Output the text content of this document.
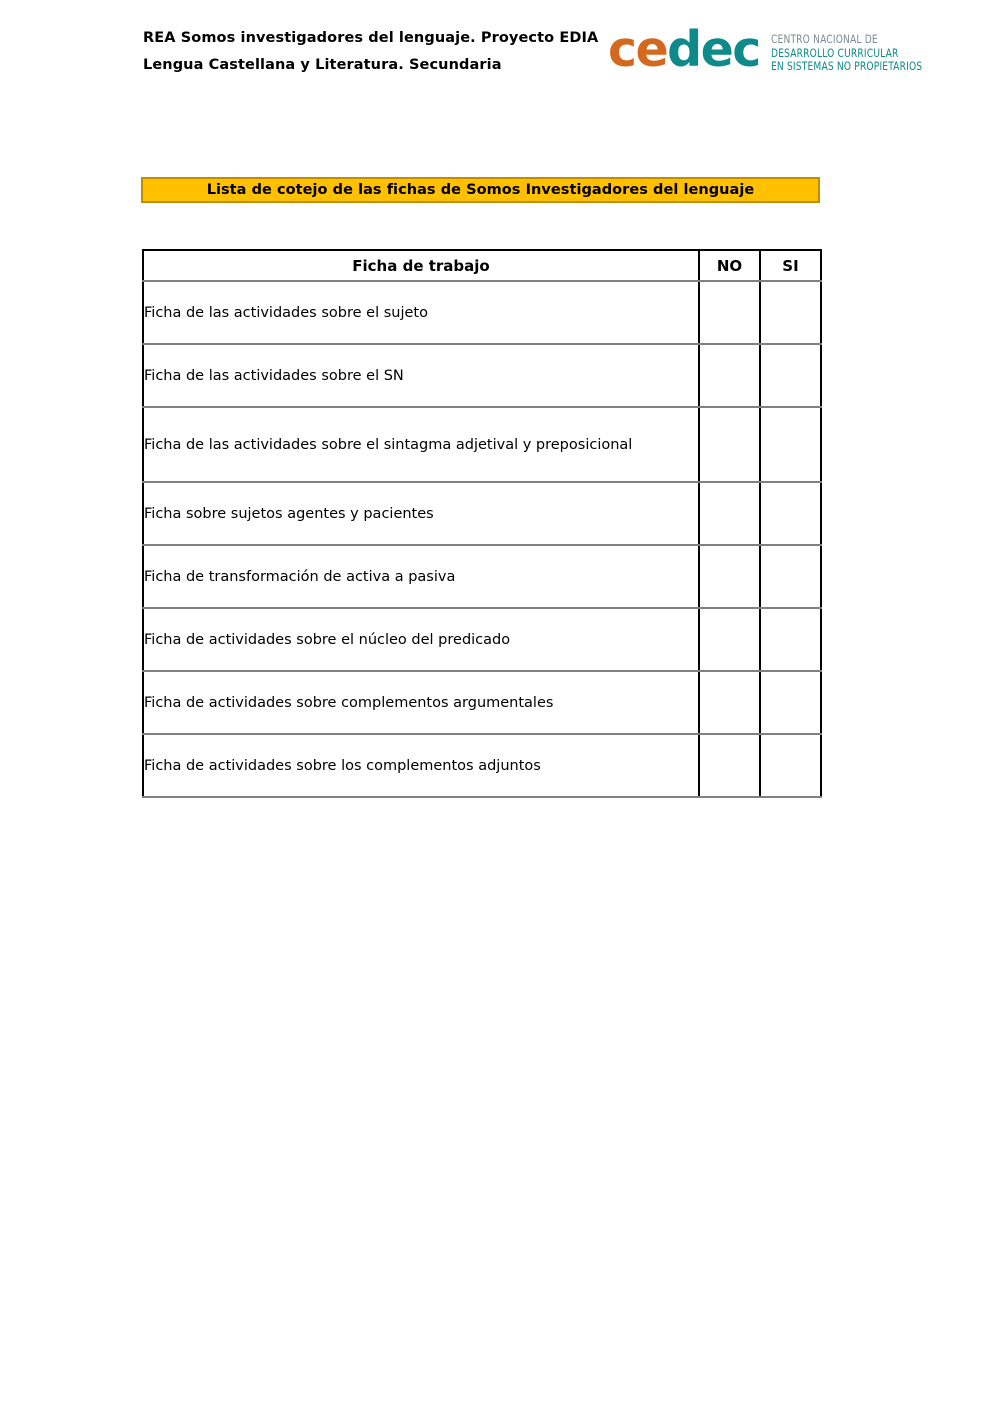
REA Somos investigadores del lenguaje. Proyecto EDIA
Lengua Castellana y Literatura. Secundaria	cedec CENTRO NACIONAL DE
DESARROLLO CURRICULAR
EN SISTEMAS NO PROPIETARIOS
Lista de cotejo de las fichas de Somos Investigadores del lenguaje
Ficha de trabajo	NO	SI

Ficha de las actividades sobre el sujeto		

Ficha de las actividades sobre el SN		

Ficha de las actividades sobre el sintagma adjetival y preposicional		

Ficha sobre sujetos agentes y pacientes		

Ficha de transformación de activa a pasiva		

Ficha de actividades sobre el núcleo del predicado		

Ficha de actividades sobre complementos argumentales		

Ficha de actividades sobre los complementos adjuntos		
